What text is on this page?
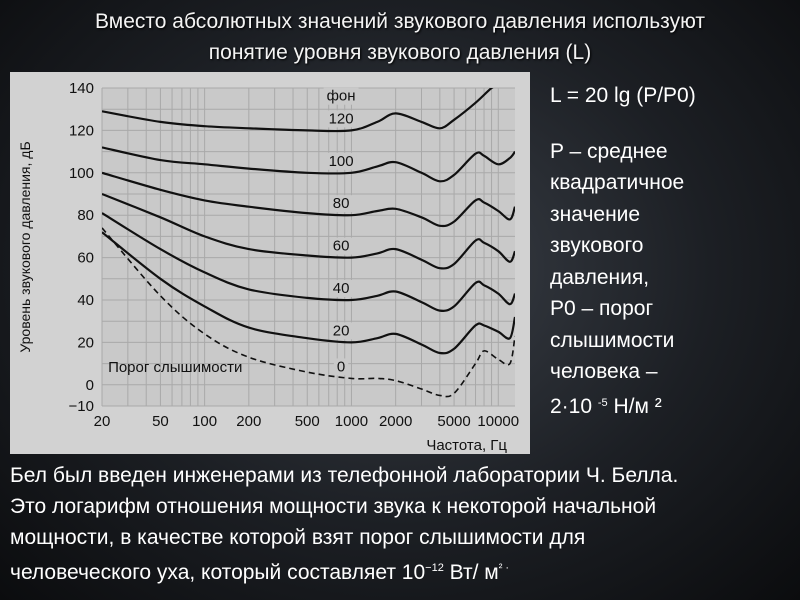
Вместо абсолютных значений звукового давления используют
понятие уровня звукового давления (L)
140
120
100
80
60
40
20
0
−10
20	50 100 200 500 1000 2000 5000 10000
Уровень звукового давления, дБ
Частота, Гц
120
100
80
60
40
20
0
фон
Порог слышимости
L = 20 lg (P/P0)
P – среднее
квадратичное
значение
звукового
давления,
P0 – порог
слышимости
человека –
2·10 $^{-5}$ Н/м ²
Бел был введен инженерами из телефонной лаборатории Ч. Белла.
Это логарифм отношения мощности звука к некоторой начальной
мощности, в качестве которой взят порог слышимости для
человеческого уха, который составляет $10^{-12}$ Вт/ $м^{^2 \cdot}$
